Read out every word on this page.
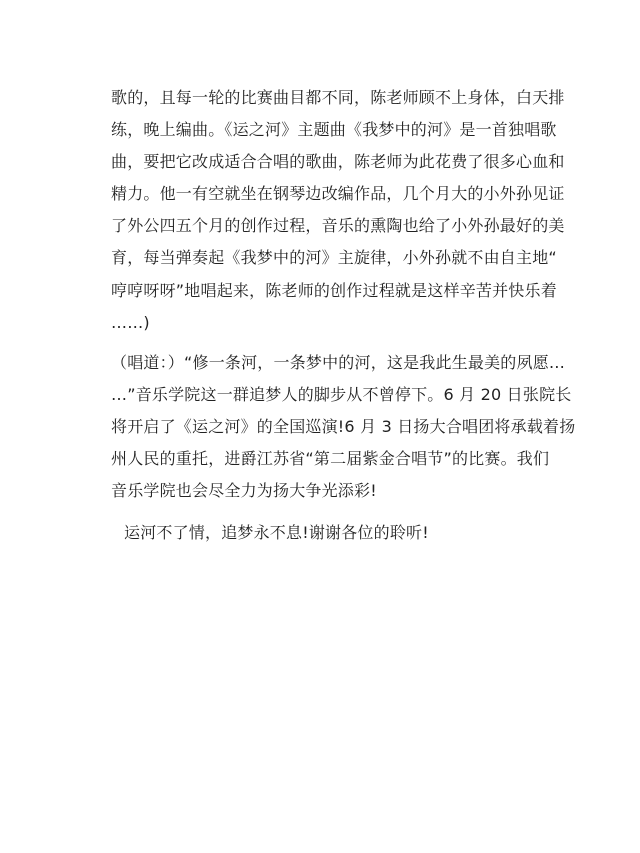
歌的，且每一轮的比赛曲目都不同，陈老师顾不上身体，白天排
练，晚上编曲。《运之河》主题曲《我梦中的河》是一首独唱歌
曲，要把它改成适合合唱的歌曲，陈老师为此花费了很多心血和
精力。他一有空就坐在钢琴边改编作品，几个月大的小外孙见证
了外公四五个月的创作过程，音乐的熏陶也给了小外孙最好的美
育，每当弹奏起《我梦中的河》主旋律，小外孙就不由自主地“
哼哼呀呀”地唱起来，陈老师的创作过程就是这样辛苦并快乐着
……)
（唱道：）“修一条河，一条梦中的河，这是我此生最美的夙愿…
…”音乐学院这一群追梦人的脚步从不曾停下。6 月 20 日张院长
将开启了《运之河》的全国巡演!6 月 3 日扬大合唱团将承载着扬
州人民的重托，进爵江苏省“第二届紫金合唱节”的比赛。我们
音乐学院也会尽全力为扬大争光添彩!
运河不了情，追梦永不息!谢谢各位的聆听!
